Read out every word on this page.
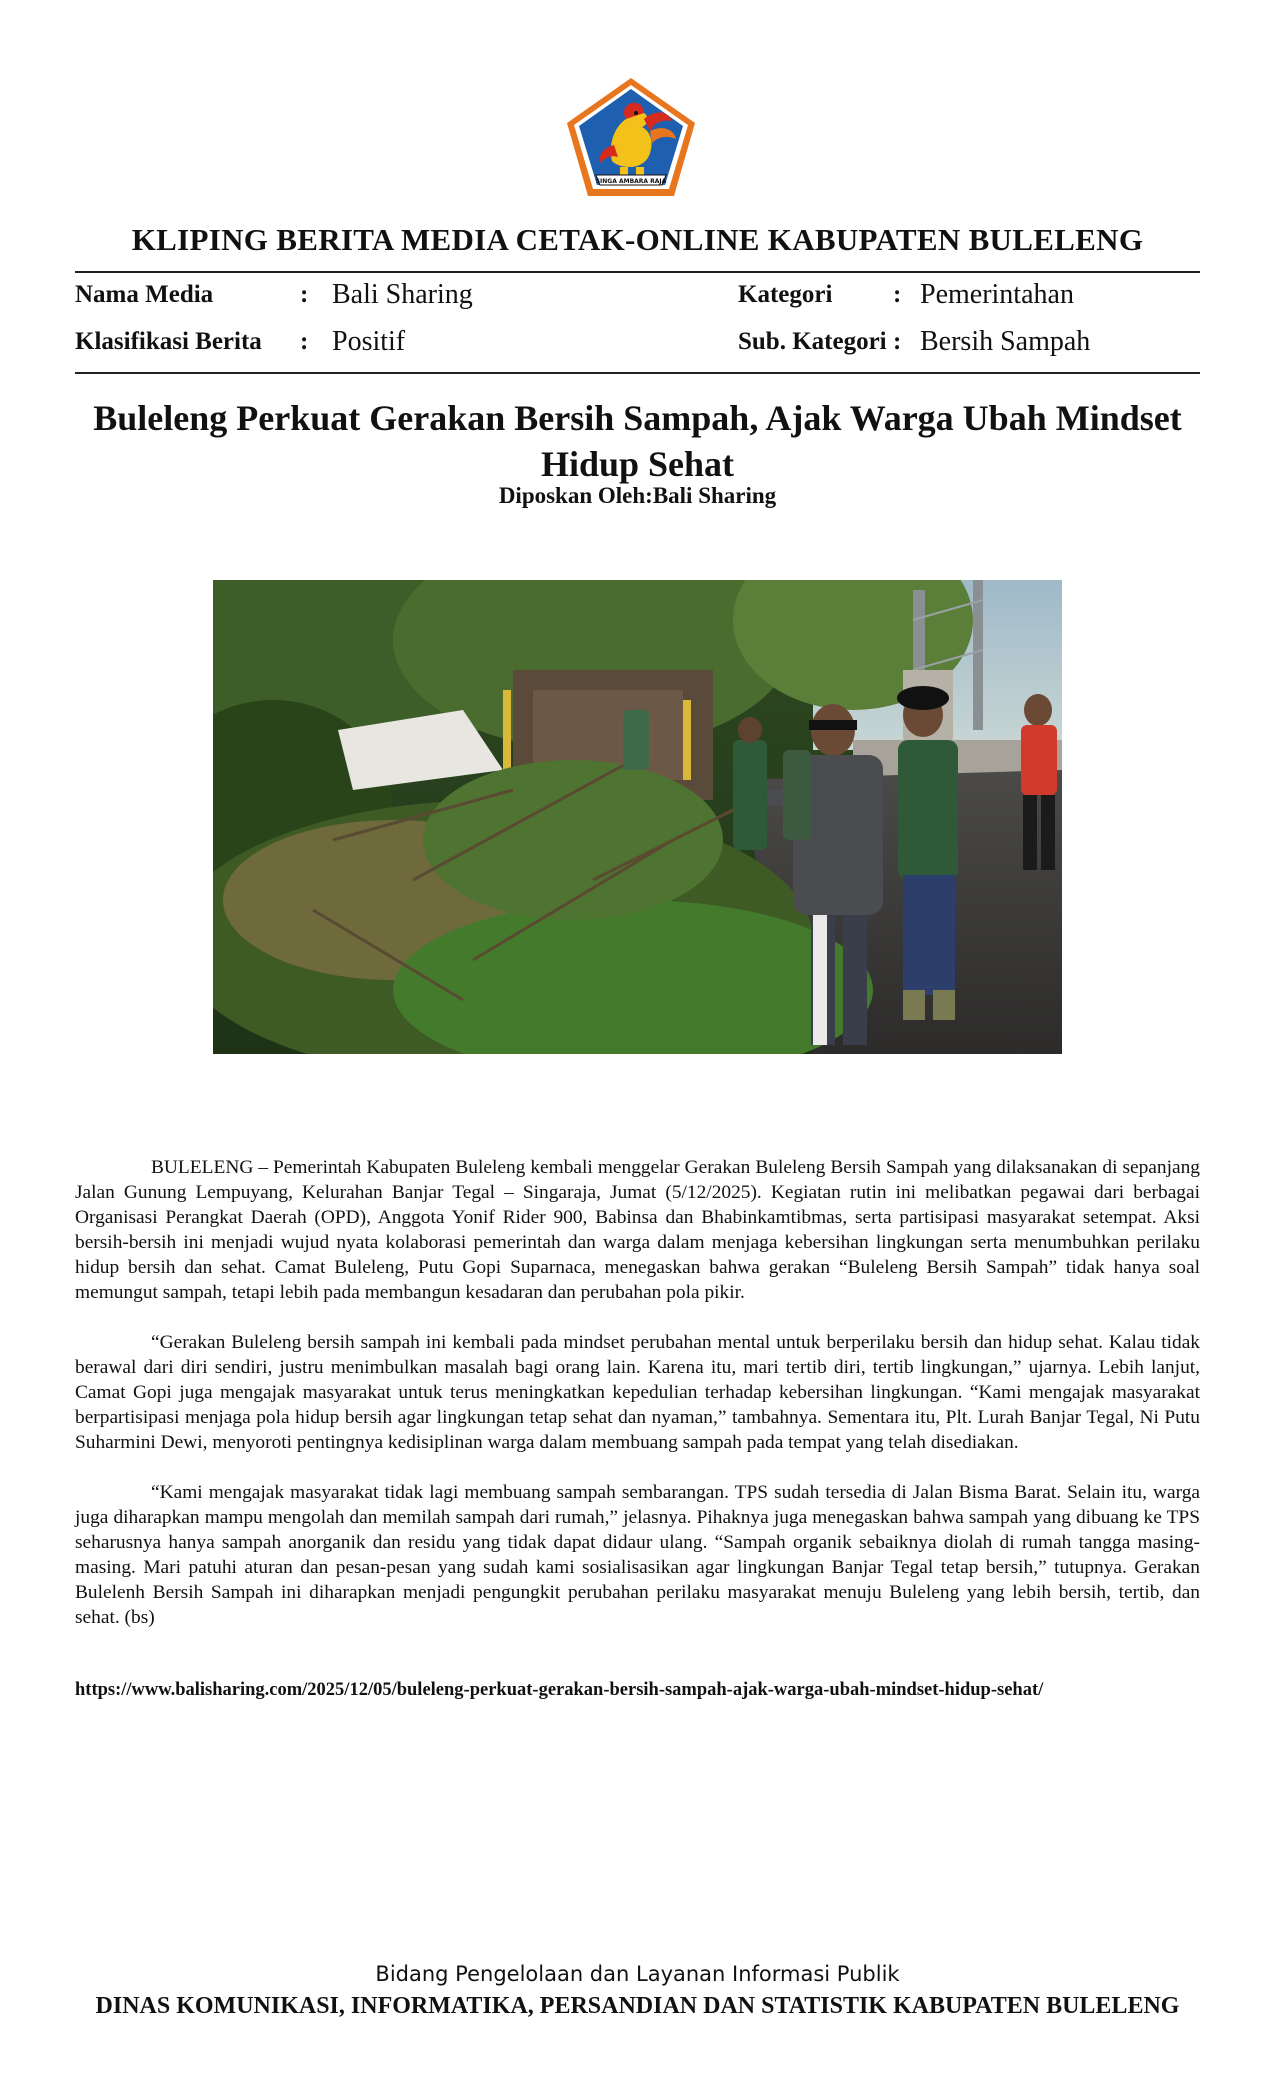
SINGA AMBARA RAJA
KLIPING BERITA MEDIA CETAK-ONLINE KABUPATEN BULELENG
Nama Media	: Bali Sharing
Klasifikasi Berita : Positif
Kategori : Pemerintahan
Sub. Kategori : Bersih Sampah
Buleleng Perkuat Gerakan Bersih Sampah, Ajak Warga Ubah Mindset
Hidup Sehat
Diposkan Oleh:Bali Sharing

BULELENG – Pemerintah Kabupaten Buleleng kembali menggelar Gerakan Buleleng Bersih Sampah yang dilaksanakan di sepanjang Jalan Gunung Lempuyang, Kelurahan Banjar Tegal – Singaraja, Jumat (5/12/2025). Kegiatan rutin ini melibatkan pegawai dari berbagai Organisasi Perangkat Daerah (OPD), Anggota Yonif Rider 900, Babinsa dan Bhabinkamtibmas, serta partisipasi masyarakat setempat. Aksi bersih-bersih ini menjadi wujud nyata kolaborasi pemerintah dan warga dalam menjaga kebersihan lingkungan serta menumbuhkan perilaku hidup bersih dan sehat. Camat Buleleng, Putu Gopi Suparnaca, menegaskan bahwa gerakan “Buleleng Bersih Sampah” tidak hanya soal memungut sampah, tetapi lebih pada membangun kesadaran dan perubahan pola pikir.

“Gerakan Buleleng bersih sampah ini kembali pada mindset perubahan mental untuk berperilaku bersih dan hidup sehat. Kalau tidak berawal dari diri sendiri, justru menimbulkan masalah bagi orang lain. Karena itu, mari tertib diri, tertib lingkungan,” ujarnya. Lebih lanjut, Camat Gopi juga mengajak masyarakat untuk terus meningkatkan kepedulian terhadap kebersihan lingkungan. “Kami mengajak masyarakat berpartisipasi menjaga pola hidup bersih agar lingkungan tetap sehat dan nyaman,” tambahnya. Sementara itu, Plt. Lurah Banjar Tegal, Ni Putu Suharmini Dewi, menyoroti pentingnya kedisiplinan warga dalam membuang sampah pada tempat yang telah disediakan.

“Kami mengajak masyarakat tidak lagi membuang sampah sembarangan. TPS sudah tersedia di Jalan Bisma Barat. Selain itu, warga juga diharapkan mampu mengolah dan memilah sampah dari rumah,” jelasnya. Pihaknya juga menegaskan bahwa sampah yang dibuang ke TPS seharusnya hanya sampah anorganik dan residu yang tidak dapat didaur ulang. “Sampah organik sebaiknya diolah di rumah tangga masing-masing. Mari patuhi aturan dan pesan-pesan yang sudah kami sosialisasikan agar lingkungan Banjar Tegal tetap bersih,” tutupnya. Gerakan Bulelenh Bersih Sampah ini diharapkan menjadi pengungkit perubahan perilaku masyarakat menuju Buleleng yang lebih bersih, tertib, dan sehat. (bs)

https://www.balisharing.com/2025/12/05/buleleng-perkuat-gerakan-bersih-sampah-ajak-warga-ubah-mindset-hidup-sehat/
Bidang Pengelolaan dan Layanan Informasi Publik
DINAS KOMUNIKASI, INFORMATIKA, PERSANDIAN DAN STATISTIK KABUPATEN BULELENG
